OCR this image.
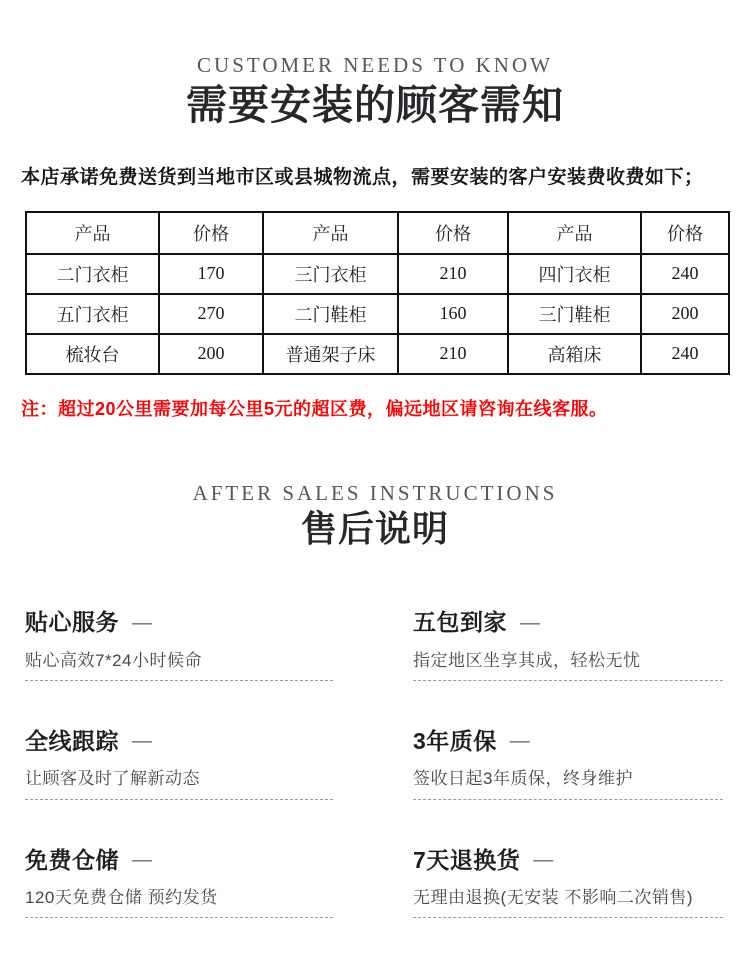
CUSTOMER NEEDS TO KNOW
需要安装的顾客需知

本店承诺免费送货到当地市区或县城物流点，需要安装的客户安装费收费如下；

产品	价格	产品	价格	产品	价格
二门衣柜	170	三门衣柜	210	四门衣柜	240
五门衣柜	270	二门鞋柜	160	三门鞋柜	200
梳妆台	200	普通架子床	210	高箱床	240

注：超过20公里需要加每公里5元的超区费，偏远地区请咨询在线客服。

AFTER SALES INSTRUCTIONS
售后说明
贴心服务 —
贴心高效7*24小时候命
五包到家 —
指定地区坐享其成，轻松无忧
全线跟踪 —
让顾客及时了解新动态
3年质保 —
签收日起3年质保，终身维护
免费仓储 —
120天免费仓储 预约发货
7天退换货 —
无理由退换(无安装 不影响二次销售)
